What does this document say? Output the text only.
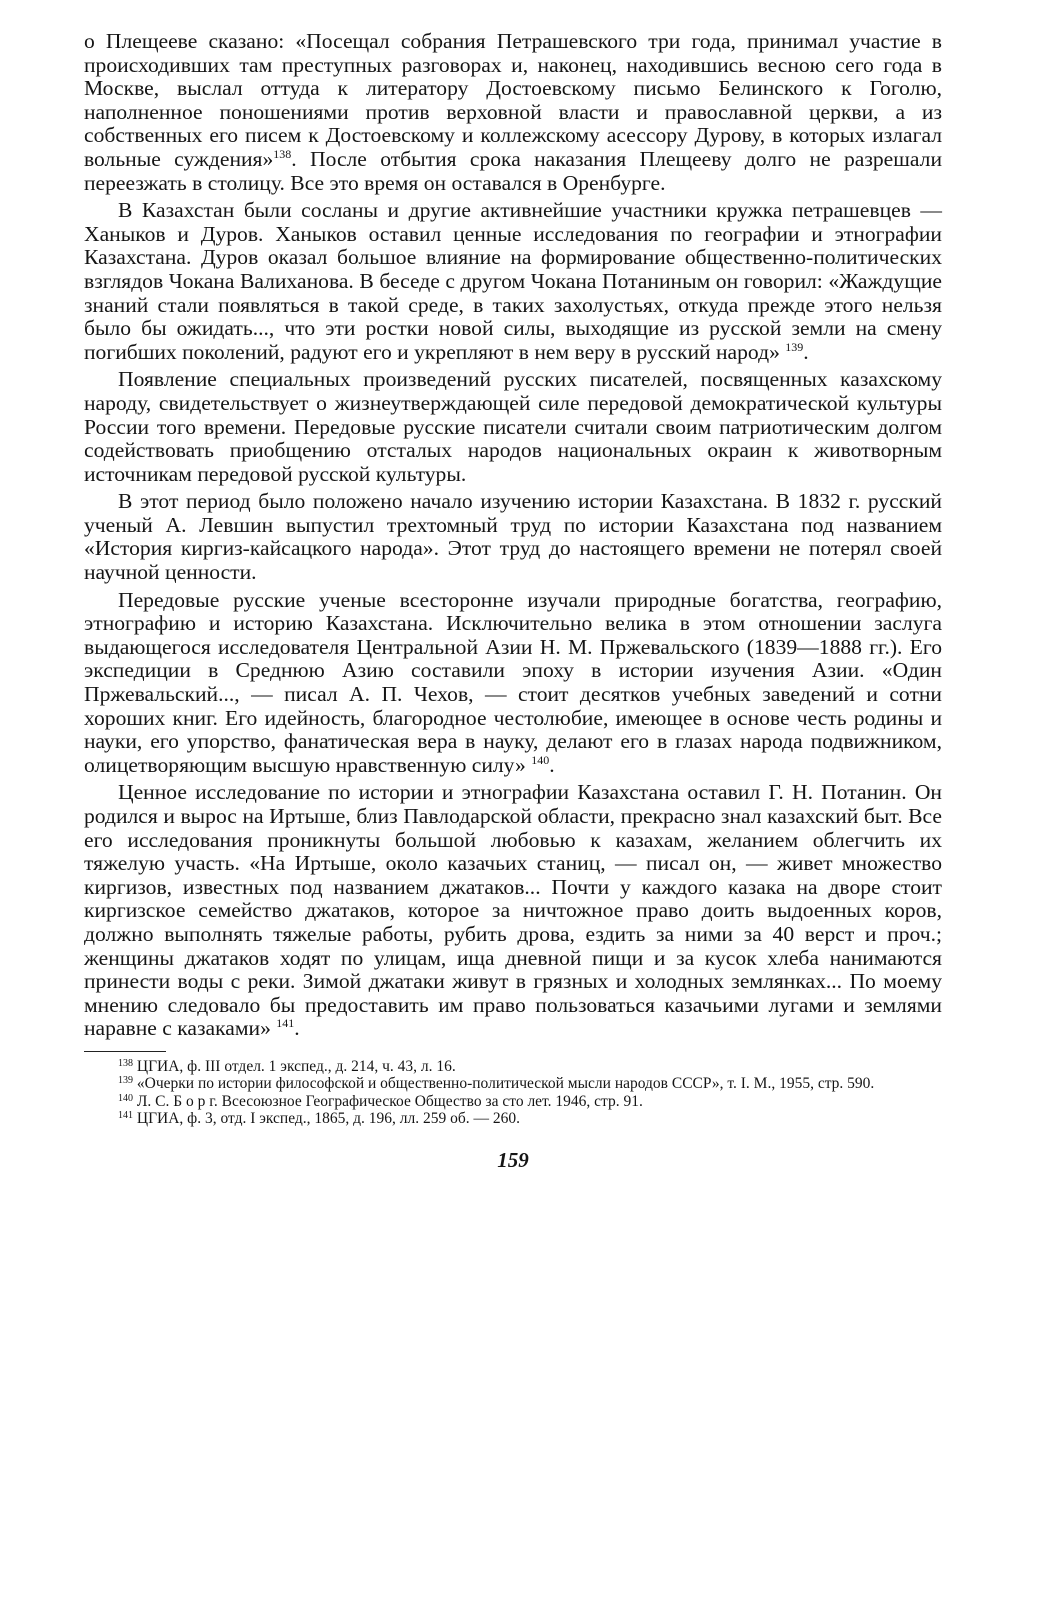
о Плещееве сказано: «Посещал собрания Петрашевского три года, принимал участие в происходивших там преступных разговорах и, наконец, находившись весною сего года в Москве, выслал оттуда к литератору Достоевскому письмо Белинского к Гоголю, наполненное понoшениями против верховной власти и православной церкви, а из собственных его писем к Достоевскому и коллежскому асессору Дурову, в которых излагал вольные суждения»$^{138}$. После отбытия срока наказания Плещееву долго не разрешали переезжать в столицу. Все это время он оставался в Оренбурге.

В Казахстан были сосланы и другие активнейшие участники кружка петрашевцев — Ханыков и Дуров. Ханыков оставил ценные исследования по географии и этнографии Казахстана. Дуров оказал большое влияние на формирование общественно-политических взглядов Чокана Валиханова. В беседе с другом Чокана Потаниным он говорил: «Жаждущие знаний стали появляться в такой среде, в таких захолустьях, откуда прежде этого нельзя было бы ожидать..., что эти ростки новой силы, выходящие из русской земли на смену погибших поколений, радуют его и укрепляют в нем веру в русский народ» $^{139}$.

Появление специальных произведений русских писателей, посвященных казахскому народу, свидетельствует о жизнеутверждающей силе передовой демократической культуры России того времени. Передовые русские писатели считали своим патриотическим долгом содействовать приобщению отсталых народов национальных окраин к животворным источникам передовой русской культуры.

В этот период было положено начало изучению истории Казахстана. В 1832 г. русский ученый А. Левшин выпустил трехтомный труд по истории Казахстана под названием «История киргиз-кайсацкого народа». Этот труд до настоящего времени не потерял своей научной ценности.

Передовые русские ученые всесторонне изучали природные богатства, географию, этнографию и историю Казахстана. Исключительно велика в этом отношении заслуга выдающегося исследователя Центральной Азии Н. М. Пржевальского (1839—1888 гг.). Его экспедиции в Среднюю Азию составили эпоху в истории изучения Азии. «Один Пржевальский..., — писал А. П. Чехов, — стоит десятков учебных заведений и сотни хороших книг. Его идейность, благородное честолюбие, имеющее в основе честь родины и науки, его упорство, фанатическая вера в науку, делают его в глазах народа подвижником, олицетворяющим высшую нравственную силу» $^{140}$.

Ценное исследование по истории и этнографии Казахстана оставил Г. Н. Потанин. Он родился и вырос на Иртыше, близ Павлодарской области, прекрасно знал казахский быт. Все его исследования проникнуты большой любовью к казахам, желанием облегчить их тяжелую участь. «На Иртыше, около казачьих станиц, — писал он, — живет множество киргизов, известных под названием джатаков... Почти у каждого казака на дворе стоит киргизское семейство джатаков, которое за ничтожное право доить выдоенных коров, должно выполнять тяжелые работы, рубить дрова, ездить за ними за 40 верст и проч.; женщины джатаков ходят по улицам, ища дневной пищи и за кусок хлеба нанимаются принести воды с реки. Зимой джатаки живут в грязных и холодных землянках... По моему мнению следовало бы предоставить им право пользоваться казачьими лугами и землями наравне с казаками» $^{141}$.

$^{138}$ ЦГИА, ф. III отдел. 1 экспед., д. 214, ч. 43, л. 16.

$^{139}$ «Очерки по истории философской и общественно-политической мысли народов СССР», т. I. М., 1955, стр. 590.

$^{140}$ Л. С. Б о р г. Всесоюзное Географическое Общество за сто лет. 1946, стр. 91.

$^{141}$ ЦГИА, ф. 3, отд. I экспед., 1865, д. 196, лл. 259 об. — 260.

159
